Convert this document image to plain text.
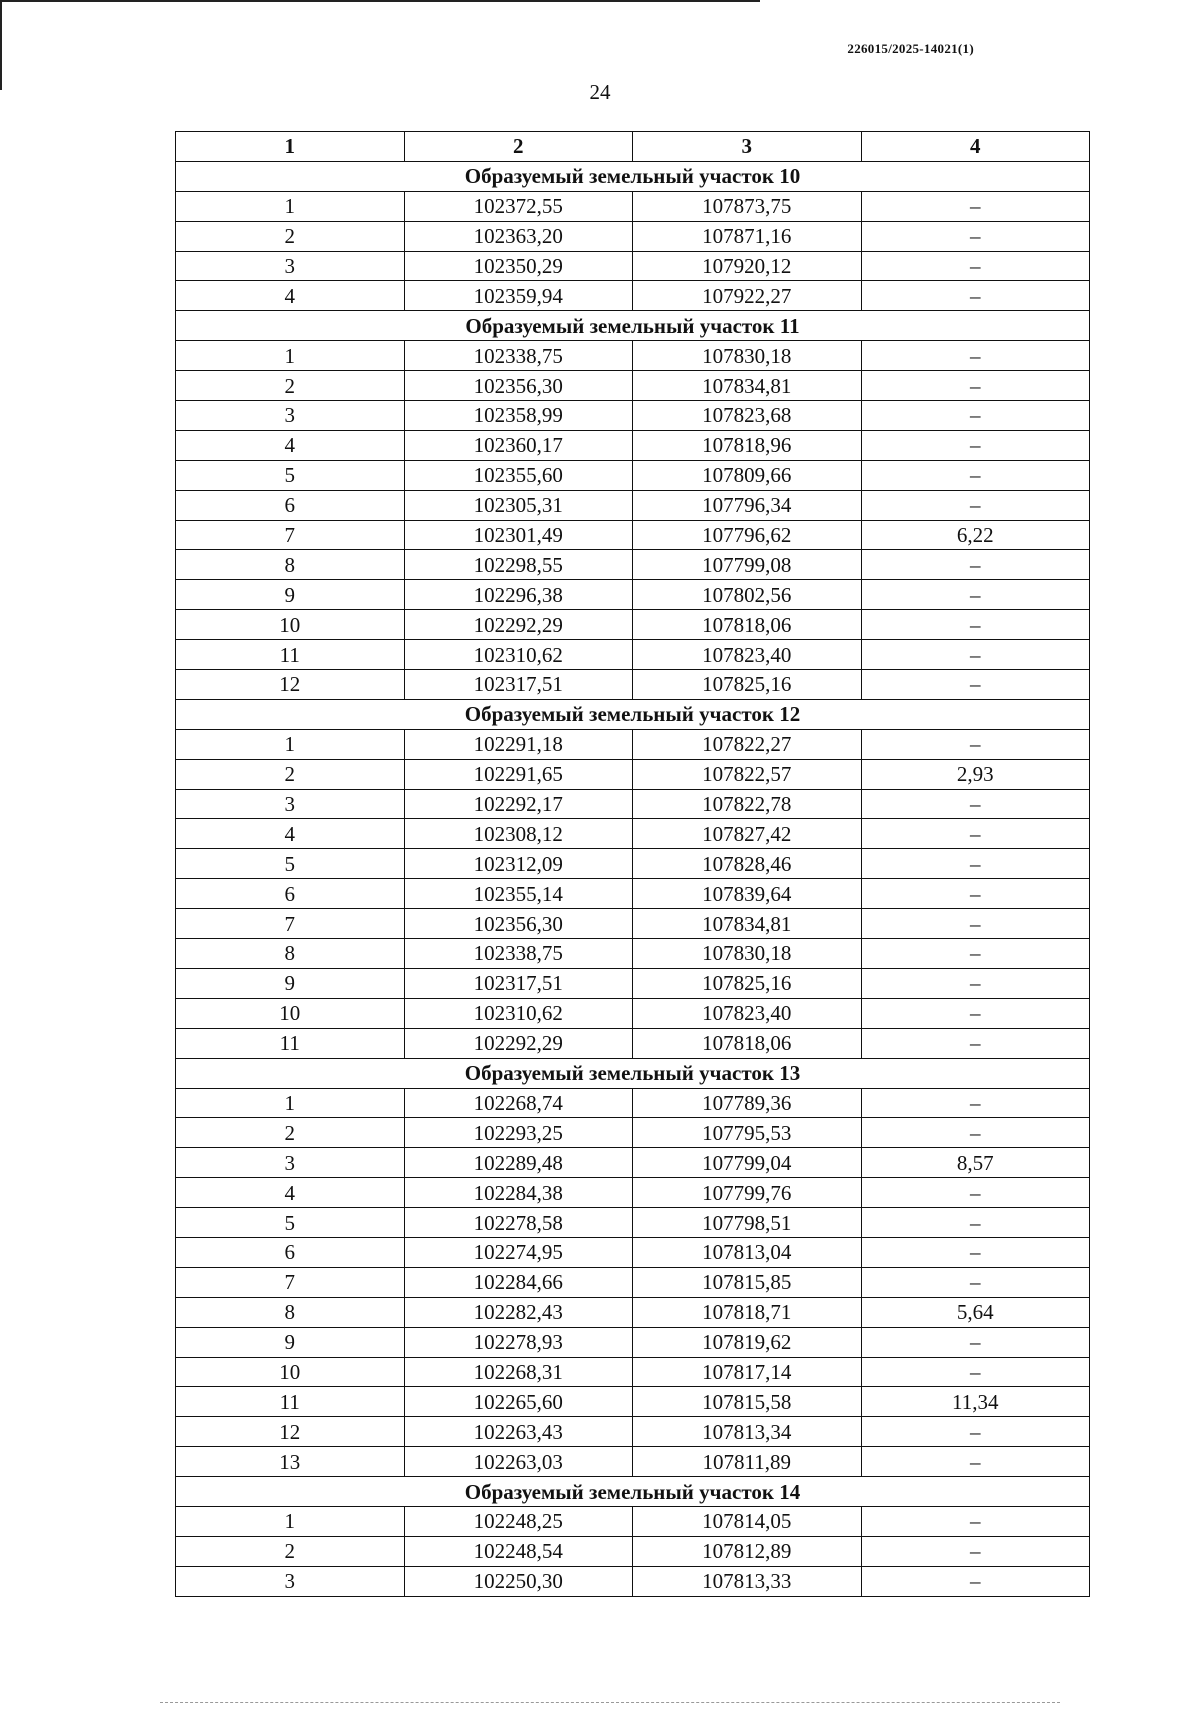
226015/2025-14021(1)
24
1	2	3	4
Образуемый земельный участок 10			
1	102372,55	107873,75	–
2	102363,20	107871,16	–
3	102350,29	107920,12	–
4	102359,94	107922,27	–
Образуемый земельный участок 11			
1	102338,75	107830,18	–
2	102356,30	107834,81	–
3	102358,99	107823,68	–
4	102360,17	107818,96	–
5	102355,60	107809,66	–
6	102305,31	107796,34	–
7	102301,49	107796,62	6,22
8	102298,55	107799,08	–
9	102296,38	107802,56	–
10	102292,29	107818,06	–
11	102310,62	107823,40	–
12	102317,51	107825,16	–
Образуемый земельный участок 12			
1	102291,18	107822,27	–
2	102291,65	107822,57	2,93
3	102292,17	107822,78	–
4	102308,12	107827,42	–
5	102312,09	107828,46	–
6	102355,14	107839,64	–
7	102356,30	107834,81	–
8	102338,75	107830,18	–
9	102317,51	107825,16	–
10	102310,62	107823,40	–
11	102292,29	107818,06	–
Образуемый земельный участок 13			
1	102268,74	107789,36	–
2	102293,25	107795,53	–
3	102289,48	107799,04	8,57
4	102284,38	107799,76	–
5	102278,58	107798,51	–
6	102274,95	107813,04	–
7	102284,66	107815,85	–
8	102282,43	107818,71	5,64
9	102278,93	107819,62	–
10	102268,31	107817,14	–
11	102265,60	107815,58	11,34
12	102263,43	107813,34	–
13	102263,03	107811,89	–
Образуемый земельный участок 14			
1	102248,25	107814,05	–
2	102248,54	107812,89	–
3	102250,30	107813,33	–
